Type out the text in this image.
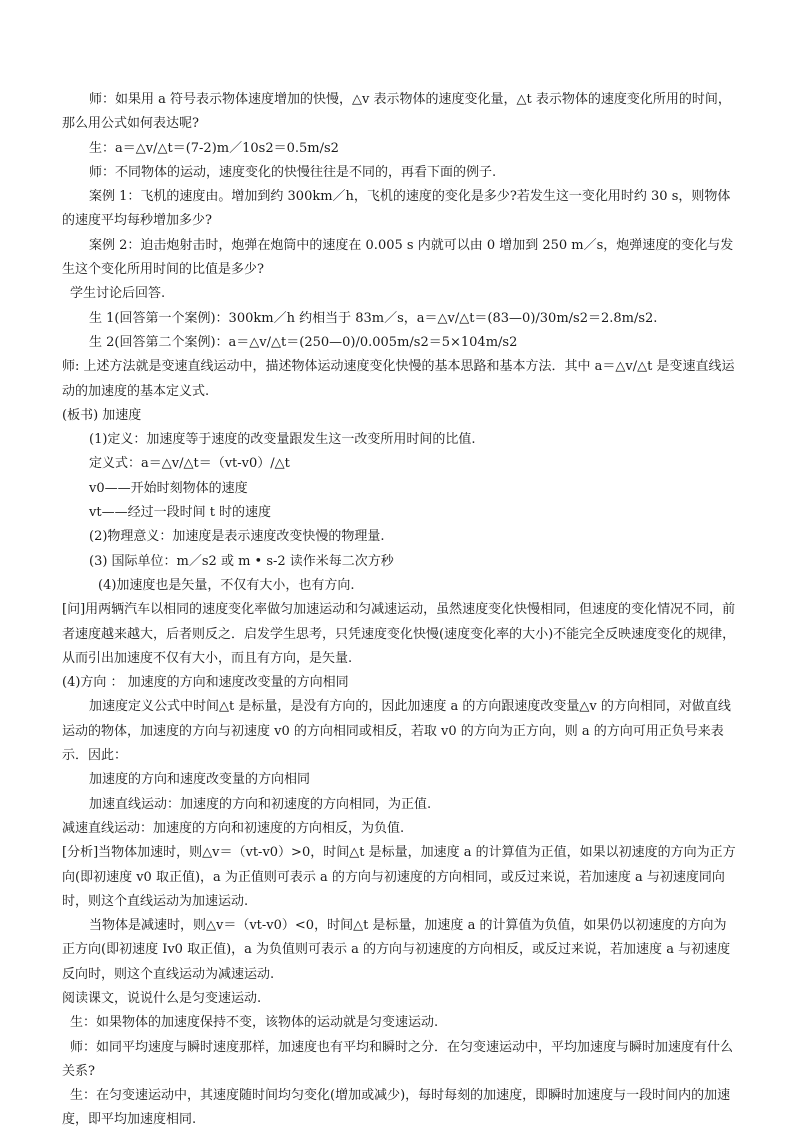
师：如果用 a 符号表示物体速度增加的快慢，△v 表示物体的速度变化量，△t 表示物体的速度变化所用的时间，那么用公式如何表达呢?

生：a＝△v/△t＝(7-2)m／10s2＝0.5m/s2

师：不同物体的运动，速度变化的快慢往往是不同的，再看下面的例子.

案例 1：飞机的速度由。增加到约 300km／h，飞机的速度的变化是多少?若发生这一变化用时约 30 s，则物体的速度平均每秒增加多少?

案例 2：迫击炮射击时，炮弹在炮筒中的速度在 0.005 s 内就可以由 0 增加到 250 m／s，炮弹速度的变化与发生这个变化所用时间的比值是多少?

学生讨论后回答.

生 1(回答第一个案例)：300km／h 约相当于 83m／s，a＝△v/△t＝(83—0)/30m/s2＝2.8m/s2.

生 2(回答第二个案例)：a＝△v/△t＝(250—0)/0.005m/s2＝5×104m/s2

师: 上述方法就是变速直线运动中，描述物体运动速度变化快慢的基本思路和基本方法．其中 a＝△v/△t 是变速直线运动的加速度的基本定义式.

(板书) 加速度

(1)定义：加速度等于速度的改变量跟发生这一改变所用时间的比值.

定义式：a＝△v/△t＝（vt-v0）/△t

v0——开始时刻物体的速度

vt——经过一段时间 t 时的速度

(2)物理意义：加速度是表示速度改变快慢的物理量.

(3) 国际单位：m／s2 或 m • s-2 读作米每二次方秒

(4)加速度也是矢量，不仅有大小，也有方向.

[问]用两辆汽车以相同的速度变化率做匀加速运动和匀减速运动，虽然速度变化快慢相同，但速度的变化情况不同，前者速度越来越大，后者则反之．启发学生思考，只凭速度变化快慢(速度变化率的大小)不能完全反映速度变化的规律，从而引出加速度不仅有大小，而且有方向，是矢量.

(4)方向 ： 加速度的方向和速度改变量的方向相同

加速度定义公式中时间△t 是标量，是没有方向的，因此加速度 a 的方向跟速度改变量△v 的方向相同，对做直线运动的物体，加速度的方向与初速度 v0 的方向相同或相反，若取 v0 的方向为正方向，则 a 的方向可用正负号来表示．因此：

加速度的方向和速度改变量的方向相同

加速直线运动：加速度的方向和初速度的方向相同，为正值.

减速直线运动：加速度的方向和初速度的方向相反，为负值.

[分析]当物体加速时，则△v＝（vt-v0）>0，时间△t 是标量，加速度 a 的计算值为正值，如果以初速度的方向为正方向(即初速度 v0 取正值)，a 为正值则可表示 a 的方向与初速度的方向相同，或反过来说，若加速度 a 与初速度同向时，则这个直线运动为加速运动.

当物体是减速时，则△v＝（vt-v0）<0，时间△t 是标量，加速度 a 的计算值为负值，如果仍以初速度的方向为正方向(即初速度 Iv0 取正值)，a 为负值则可表示 a 的方向与初速度的方向相反，或反过来说，若加速度 a 与初速度反向时，则这个直线运动为减速运动.

阅读课文，说说什么是匀变速运动.

生：如果物体的加速度保持不变，该物体的运动就是匀变速运动.

师：如同平均速度与瞬时速度那样，加速度也有平均和瞬时之分．在匀变速运动中，平均加速度与瞬时加速度有什么关系?

生：在匀变速运动中，其速度随时间均匀变化(增加或减少)，每时每刻的加速度，即瞬时加速度与一段时间内的加速度，即平均加速度相同.
